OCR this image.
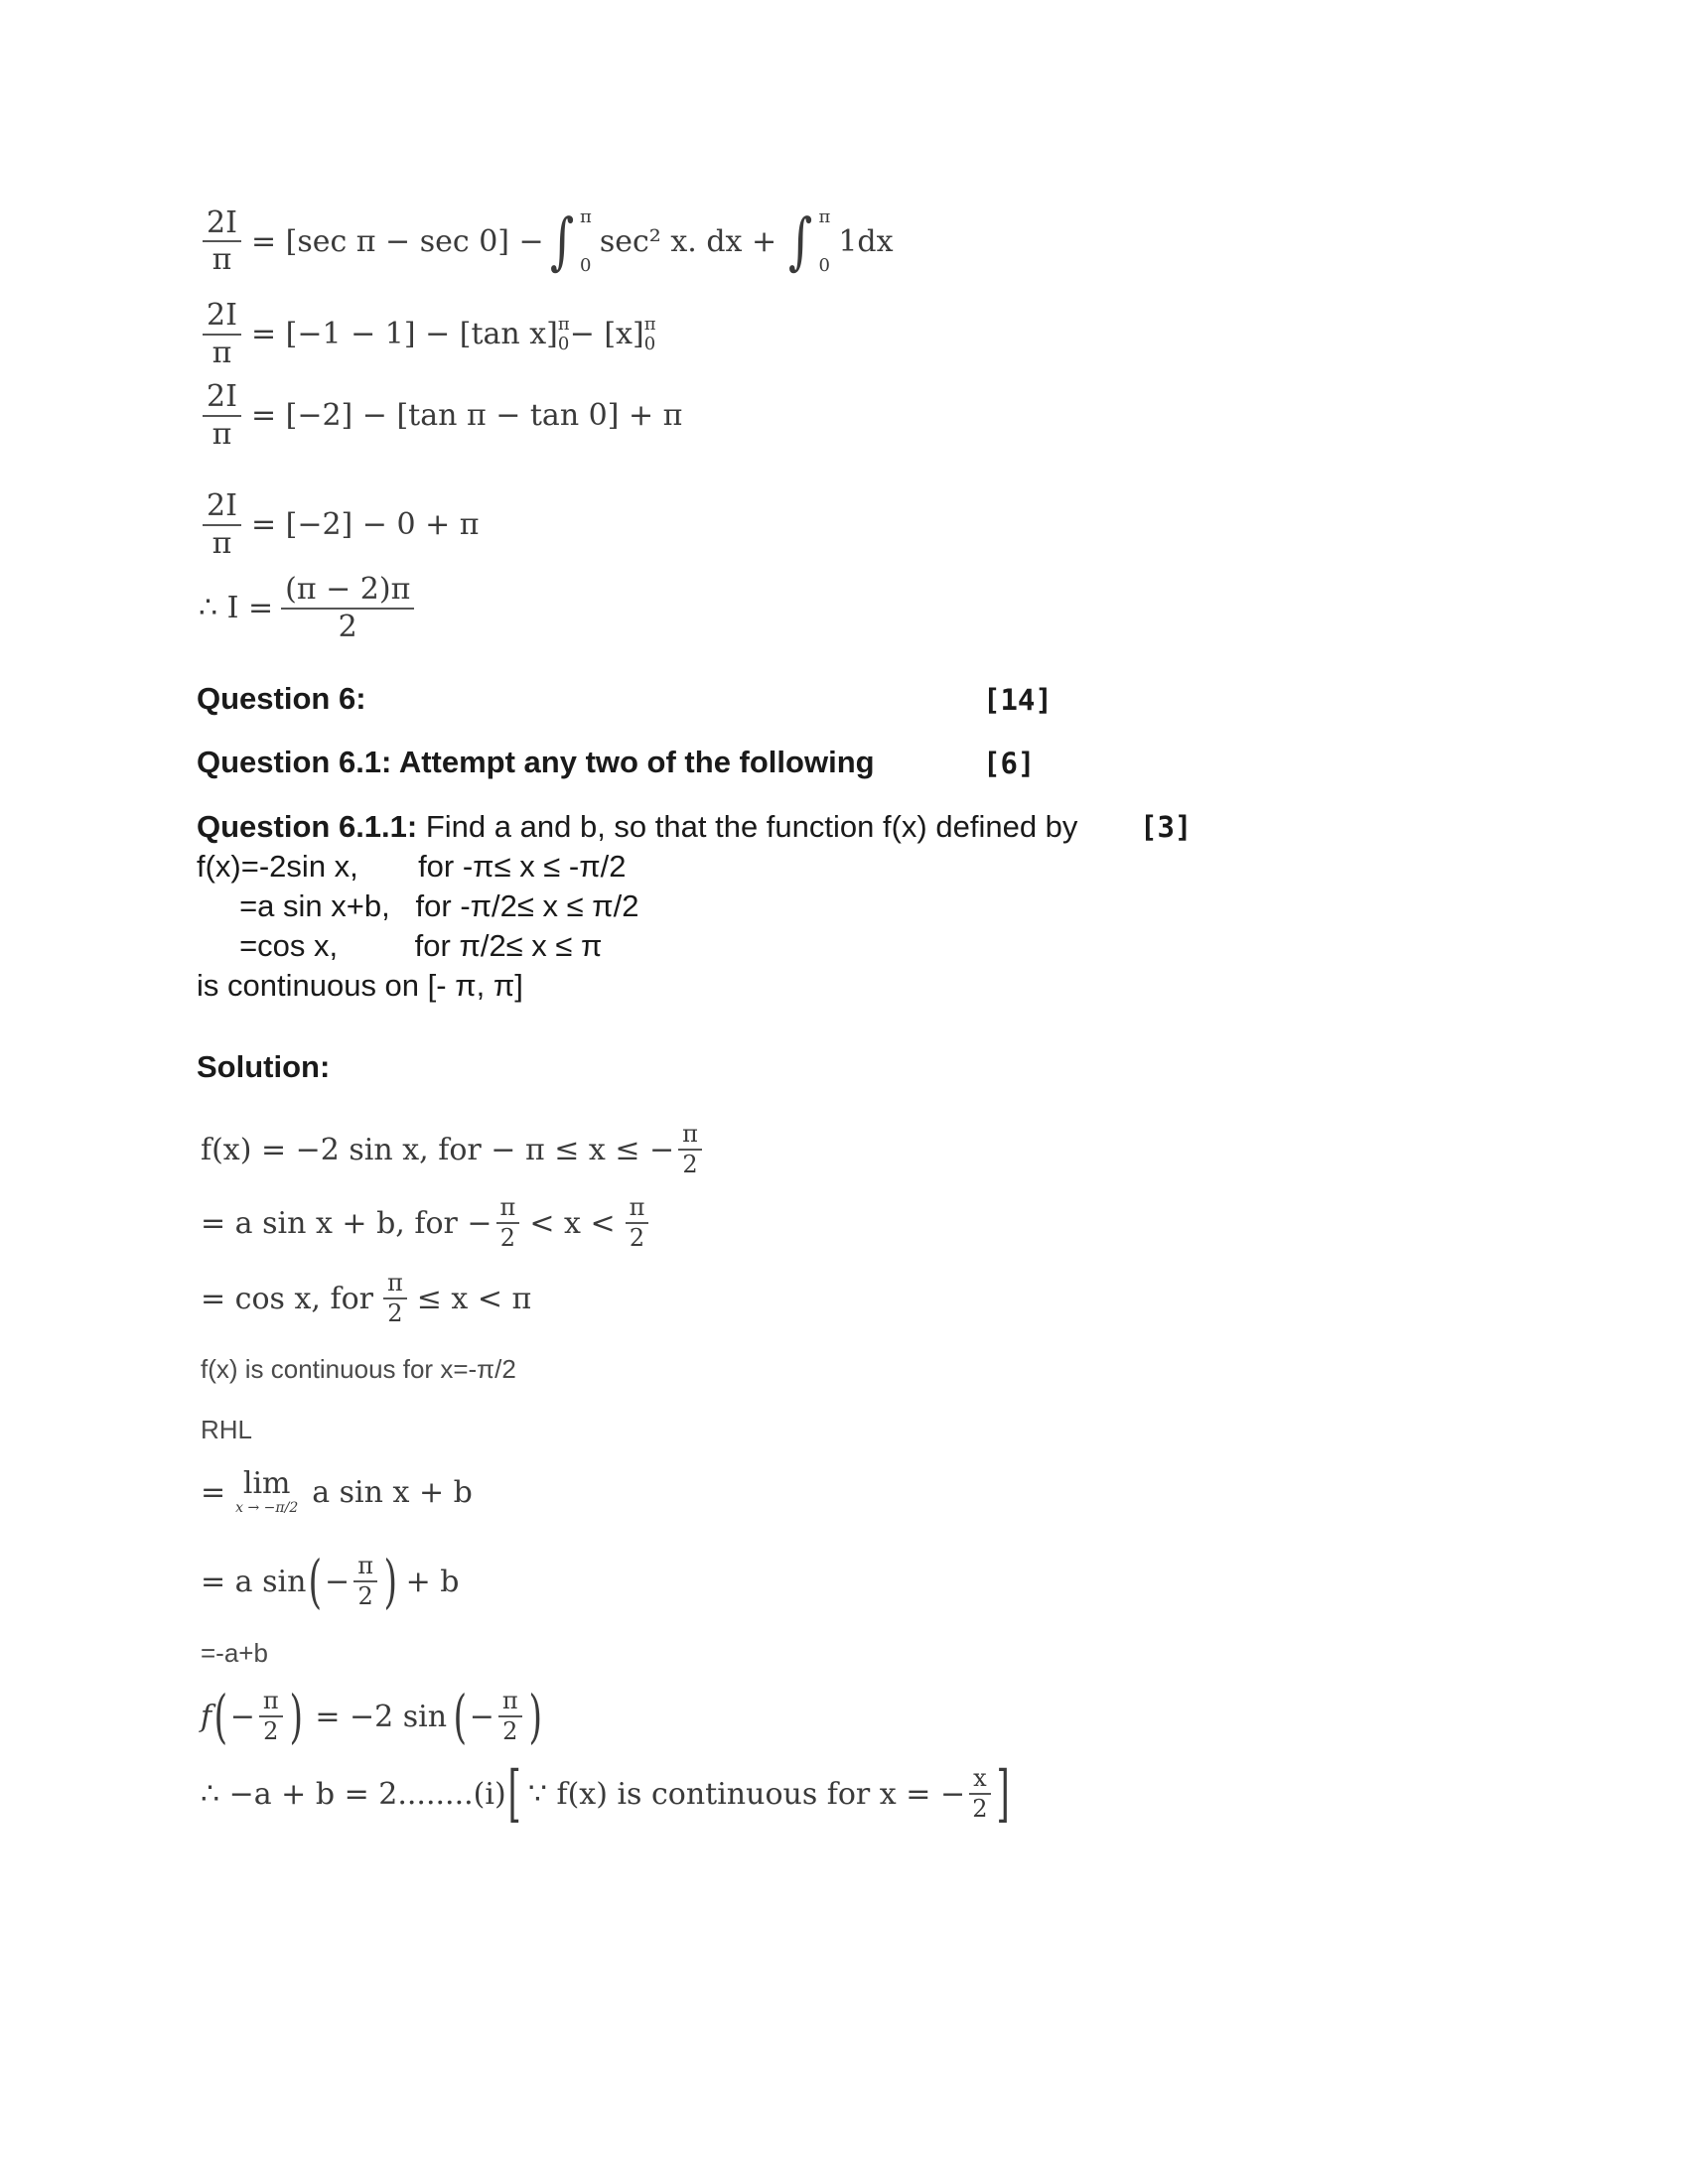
$\frac{2I}{\pi} = [\sec$ π − sec 0] − ∫ π
0
sec² x. dx + ∫ π
0
1dx
$\frac{2I}{\pi} = [-1 - 1] - [\tan$ x] π
0 − [x] π
0
$\frac{2I}{\pi} = [-2] - [\tan$ π − tan 0] + π
$\frac{2I}{\pi} = [-2] - 0 + \pi$
∴ $I = \frac{(\pi - 2)\pi}{2}$
Question 6:	[14]
Question 6.1: Attempt any two of the following	[6]
Question 6.1.1: Find a and b, so that the function f(x) defined by [3]
f(x)=-2sin x,       for -π≤ x ≤ -π/2
=a sin x+b,   for -π/2≤ x ≤ π/2
=cos x,         for π/2≤ x ≤ π
is continuous on [- π, π]
Solution:
f(x) = −2 sin x, for − π ≤ x ≤ − $\frac{\pi}{2}$
= a sin x + b, for − $\frac{\pi}{2} < x < \frac{\pi}{2}$
= cos x, for $\frac{\pi}{2} \le x < \pi$
f(x) is continuous for x=-π/2
RHL
= lim
x → −π/2 a sin x + b
= a sin ( − $\frac{\pi}{2}$ ) + b
=-a+b
f ( − $\frac{\pi}{2}$ ) = −2 sin ( − $\frac{\pi}{2}$ )
∴ −a + b = 2........(i) [ ∵ f(x) is continuous for x = − $\frac{x}{2}$ ]
